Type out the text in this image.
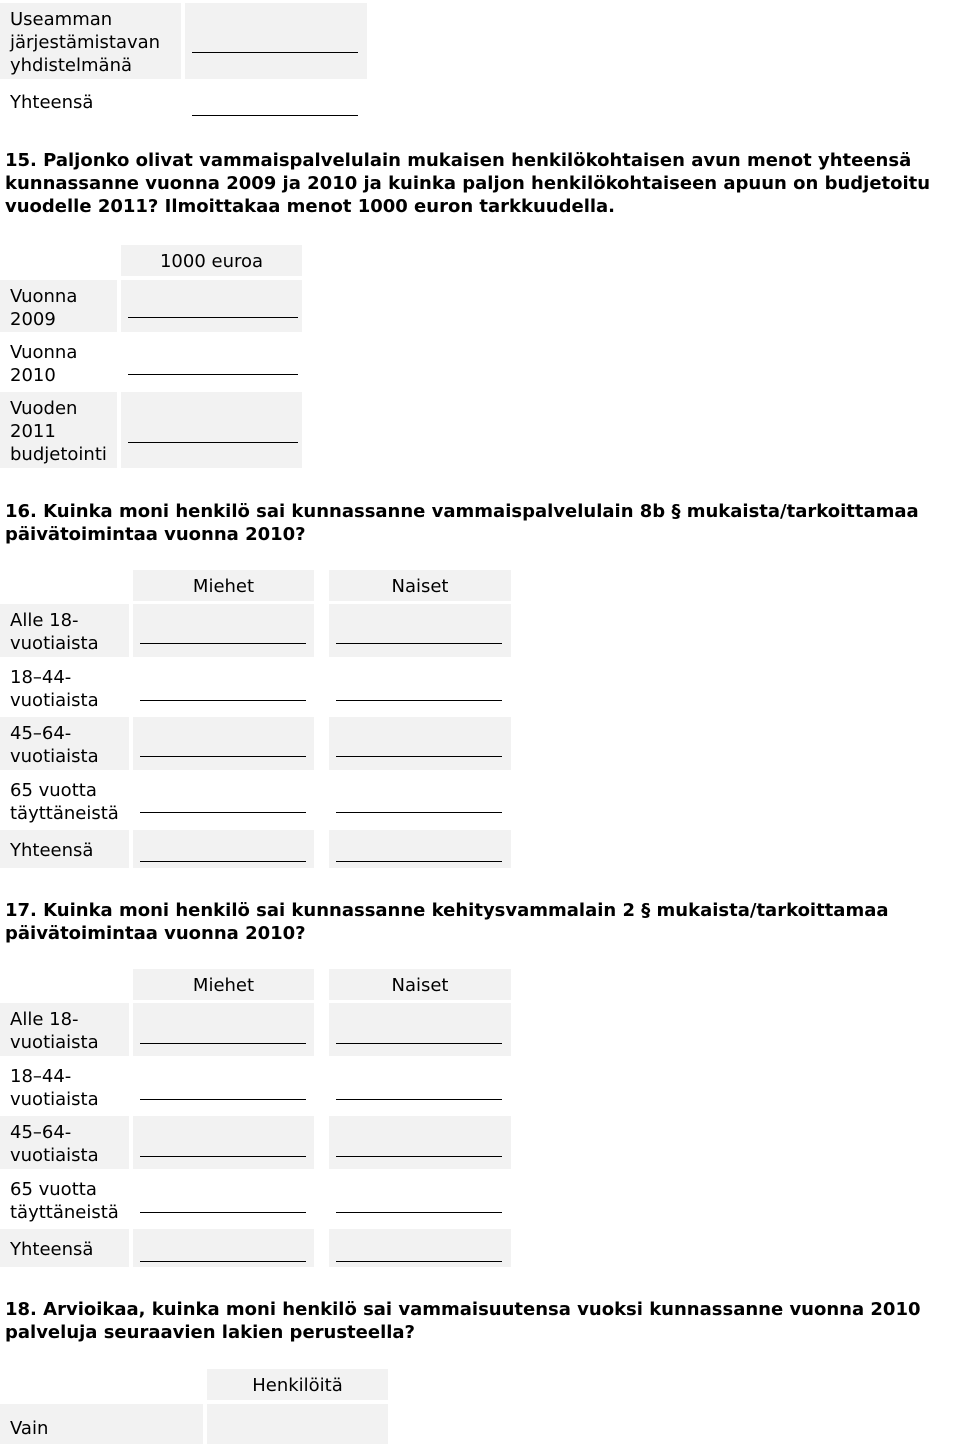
Useamman
järjestämistavan
yhdistelmänä
Yhteensä
15. Paljonko olivat vammaispalvelulain mukaisen henkilökohtaisen avun menot yhteensä
kunnassanne vuonna 2009 ja 2010 ja kuinka paljon henkilökohtaiseen apuun on budjetoitu
vuodelle 2011? Ilmoittakaa menot 1000 euron tarkkuudella.
1000 euroa
Vuonna
2009
Vuonna
2010
Vuoden
2011
budjetointi
16. Kuinka moni henkilö sai kunnassanne vammaispalvelulain 8b § mukaista/tarkoittamaa
päivätoimintaa vuonna 2010?
Miehet	Naiset
Alle 18-
vuotiaista
18–44-
vuotiaista
45–64-
vuotiaista
65 vuotta
täyttäneistä
Yhteensä
17. Kuinka moni henkilö sai kunnassanne kehitysvammalain 2 § mukaista/tarkoittamaa
päivätoimintaa vuonna 2010?
Miehet	Naiset
Alle 18-
vuotiaista
18–44-
vuotiaista
45–64-
vuotiaista
65 vuotta
täyttäneistä
Yhteensä
18. Arvioikaa, kuinka moni henkilö sai vammaisuutensa vuoksi kunnassanne vuonna 2010
palveluja seuraavien lakien perusteella?
Henkilöitä
Vain
